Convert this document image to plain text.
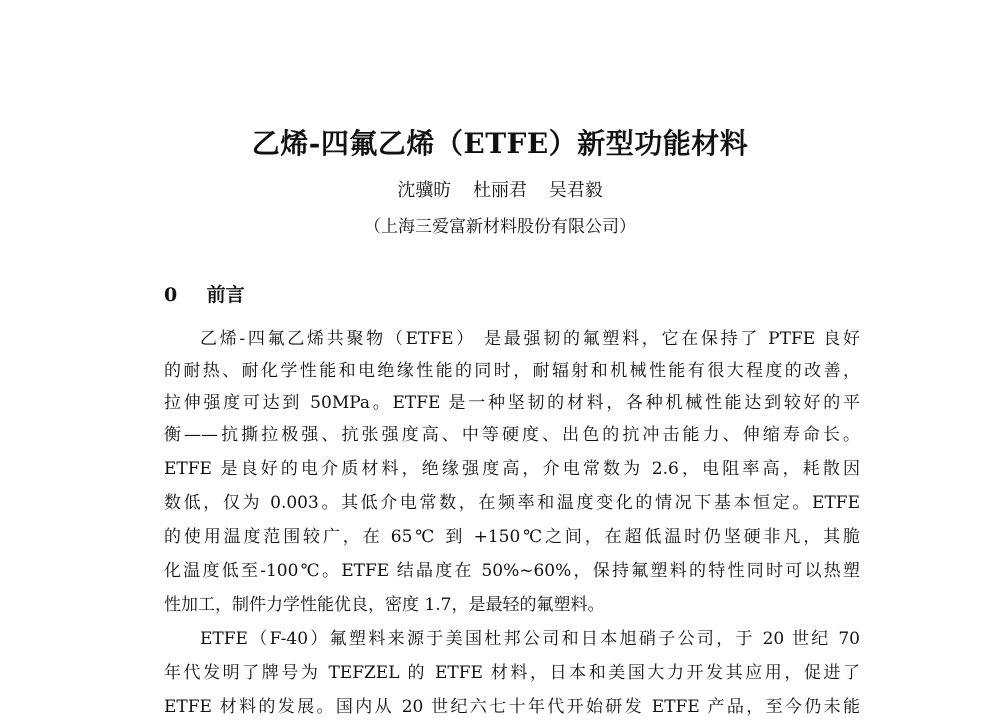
乙烯-四氟乙烯（ETFE）新型功能材料
沈骥昉 杜丽君 吴君毅
（上海三爱富新材料股份有限公司）
0 前言
乙烯-四氟乙烯共聚物（ETFE） 是最强韧的氟塑料，它在保持了 PTFE 良好
的耐热、耐化学性能和电绝缘性能的同时，耐辐射和机械性能有很大程度的改善，
拉伸强度可达到 50MPa。ETFE 是一种坚韧的材料，各种机械性能达到较好的平
衡——抗撕拉极强、抗张强度高、中等硬度、出色的抗冲击能力、伸缩寿命长。
ETFE 是良好的电介质材料，绝缘强度高，介电常数为 2.6，电阻率高，耗散因
数低，仅为 0.003。其低介电常数，在频率和温度变化的情况下基本恒定。ETFE
的使用温度范围较广，在 65℃ 到 +150℃之间，在超低温时仍坚硬非凡，其脆
化温度低至-100℃。ETFE 结晶度在 50%~60%，保持氟塑料的特性同时可以热塑
性加工，制件力学性能优良，密度 1.7，是最轻的氟塑料。
ETFE（F-40）氟塑料来源于美国杜邦公司和日本旭硝子公司，于 20 世纪 70
年代发明了牌号为 TEFZEL 的 ETFE 材料，日本和美国大力开发其应用，促进了
ETFE 材料的发展。国内从 20 世纪六七十年代开始研发 ETFE 产品，至今仍未能
